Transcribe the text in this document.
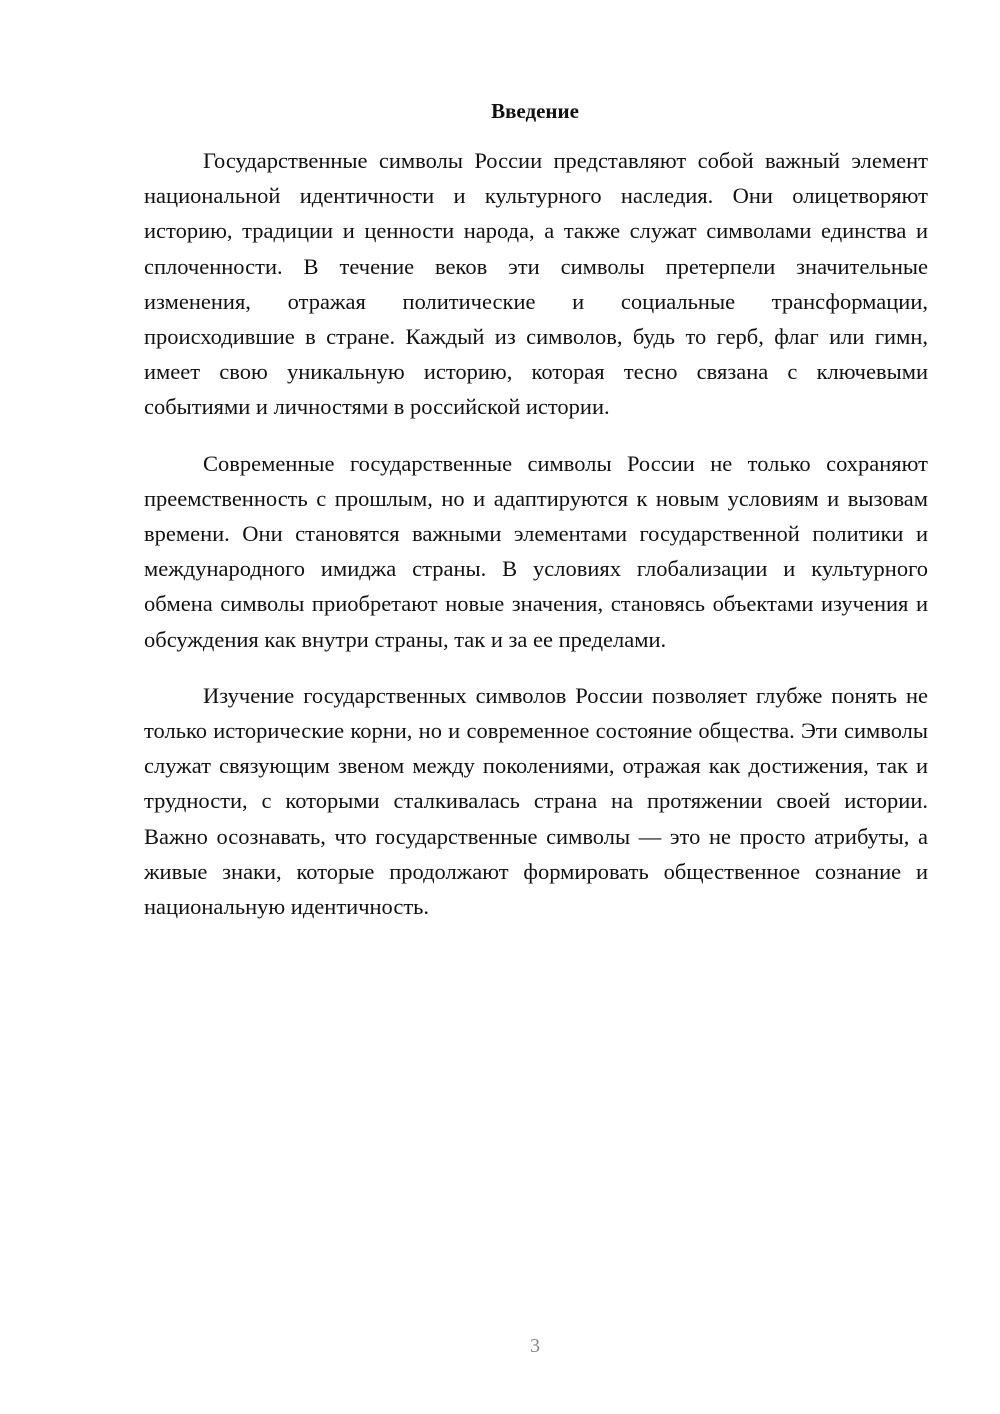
Введение

Государственные символы России представляют собой важный элемент национальной идентичности и культурного наследия. Они олицетворяют историю, традиции и ценности народа, а также служат символами единства и сплоченности. В течение веков эти символы претерпели значительные изменения, отражая политические и социальные трансформации, происходившие в стране. Каждый из символов, будь то герб, флаг или гимн, имеет свою уникальную историю, которая тесно связана с ключевыми событиями и личностями в российской истории.

Современные государственные символы России не только сохраняют преемственность с прошлым, но и адаптируются к новым условиям и вызовам времени. Они становятся важными элементами государственной политики и международного имиджа страны. В условиях глобализации и культурного обмена символы приобретают новые значения, становясь объектами изучения и обсуждения как внутри страны, так и за ее пределами.

Изучение государственных символов России позволяет глубже понять не только исторические корни, но и современное состояние общества. Эти символы служат связующим звеном между поколениями, отражая как достижения, так и трудности, с которыми сталкивалась страна на протяжении своей истории. Важно осознавать, что государственные символы — это не просто атрибуты, а живые знаки, которые продолжают формировать общественное сознание и национальную идентичность.

3
